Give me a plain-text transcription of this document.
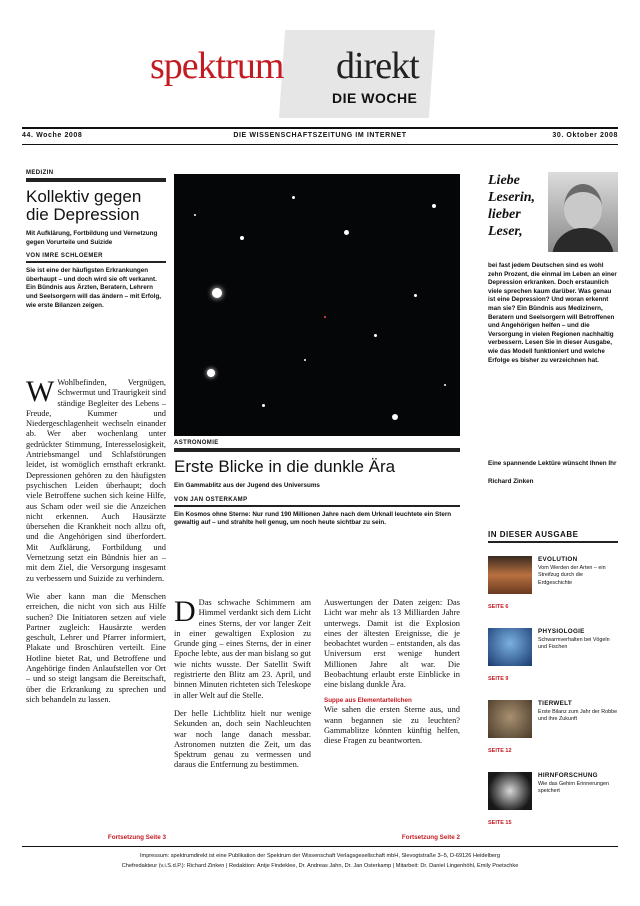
spektrum direkt
DIE WOCHE
44. Woche 2008	DIE WISSENSCHAFTSZEITUNG IM INTERNET	30. Oktober 2008
MEDIZIN
Kollektiv gegen die Depression
Mit Aufklärung, Fortbildung und Vernetzung gegen Vorurteile und Suizide
VON IMRE SCHLOEMER
Sie ist eine der häufigsten Erkrankungen überhaupt – und doch wird sie oft verkannt. Ein Bündnis aus Ärzten, Beratern, Lehrern und Seelsorgern will das ändern – mit Erfolg, wie erste Bilanzen zeigen.
W Wohlbefinden, Vergnügen, Schwermut und Traurigkeit sind ständige Begleiter des Lebens – Freude, Kummer und Niedergeschlagenheit wechseln einander ab. Wer aber wochenlang unter gedrückter Stimmung, Interesselosigkeit, Antriebsmangel und Schlafstörungen leidet, ist womöglich ernsthaft erkrankt. Depressionen gehören zu den häufigsten psychischen Leiden überhaupt; doch viele Betroffene suchen sich keine Hilfe, aus Scham oder weil sie die Anzeichen nicht erkennen. Auch Hausärzte übersehen die Krankheit noch allzu oft, und die Angehörigen sind überfordert. Mit Aufklärung, Fortbildung und Vernetzung setzt ein Bündnis hier an – mit dem Ziel, die Versorgung insgesamt zu verbessern und Suizide zu verhindern.

Wie aber kann man die Menschen erreichen, die nicht von sich aus Hilfe suchen? Die Initiatoren setzen auf viele Partner zugleich: Hausärzte werden geschult, Lehrer und Pfarrer informiert, Plakate und Broschüren verteilt. Eine Hotline bietet Rat, und Betroffene und Angehörige finden Anlaufstellen vor Ort – und so steigt langsam die Bereitschaft, über die Erkrankung zu sprechen und sich behandeln zu lassen.

Fortsetzung Seite 3
ASTRONOMIE
Erste Blicke in die dunkle Ära
Ein Gammablitz aus der Jugend des Universums
VON JAN OSTERKAMP
Ein Kosmos ohne Sterne: Nur rund 190 Millionen Jahre nach dem Urknall leuchtete ein Stern gewaltig auf – und strahlte hell genug, um noch heute sichtbar zu sein.
D Das schwache Schimmern am Himmel verdankt sich dem Licht eines Sterns, der vor langer Zeit in einer gewaltigen Explosion zu Grunde ging – eines Sterns, der in einer Epoche lebte, aus der man bislang so gut wie nichts wusste. Der Satellit Swift registrierte den Blitz am 23. April, und binnen Minuten richteten sich Teleskope in aller Welt auf die Stelle.

Der helle Lichtblitz hielt nur wenige Sekunden an, doch sein Nachleuchten war noch lange danach messbar. Astronomen nutzten die Zeit, um das Spektrum genau zu vermessen und daraus die Entfernung zu bestimmen.

Auswertungen der Daten zeigen: Das Licht war mehr als 13 Milliarden Jahre unterwegs. Damit ist die Explosion eines der ältesten Ereignisse, die je beobachtet wurden – entstanden, als das Universum erst wenige hundert Millionen Jahre alt war. Die Beobachtung erlaubt erste Einblicke in eine bislang dunkle Ära.

Suppe aus Elementarteilchen

Wie sahen die ersten Sterne aus, und wann begannen sie zu leuchten? Gammablitze könnten künftig helfen, diese Fragen zu beantworten.

Fortsetzung Seite 2
Liebe Leserin, lieber Leser,
bei fast jedem Deutschen sind es wohl zehn Prozent, die einmal im Leben an einer Depression erkranken. Doch erstaunlich viele sprechen kaum darüber. Was genau ist eine Depression? Und woran erkennt man sie? Ein Bündnis aus Medizinern, Beratern und Seelsorgern will Betroffenen und Angehörigen helfen – und die Versorgung in vielen Regionen nachhaltig verbessern. Lesen Sie in dieser Ausgabe, wie das Modell funktioniert und welche Erfolge es bisher zu verzeichnen hat.
Eine spannende Lektüre wünscht Ihnen Ihr
Richard Zinken
IN DIESER AUSGABE
SEITE 6
EVOLUTION
Vom Werden der Arten – ein Streifzug durch die Erdgeschichte
SEITE 9
PHYSIOLOGIE
Schwarmverhalten bei Vögeln und Fischen
SEITE 12
TIERWELT
Erste Bilanz zum Jahr der Robbe und ihre Zukunft
SEITE 15
HIRNFORSCHUNG
Wie das Gehirn Erinnerungen speichert
Impressum: spektrumdirekt ist eine Publikation der Spektrum der Wissenschaft Verlagsgesellschaft mbH, Slevogtstraße 3–5, D-69126 Heidelberg
Chefredakteur (v.i.S.d.P.): Richard Zinken | Redaktion: Antje Findeklee, Dr. Andreas Jahn, Dr. Jan Osterkamp | Mitarbeit: Dr. Daniel Lingenhöhl, Emily Poetschke
